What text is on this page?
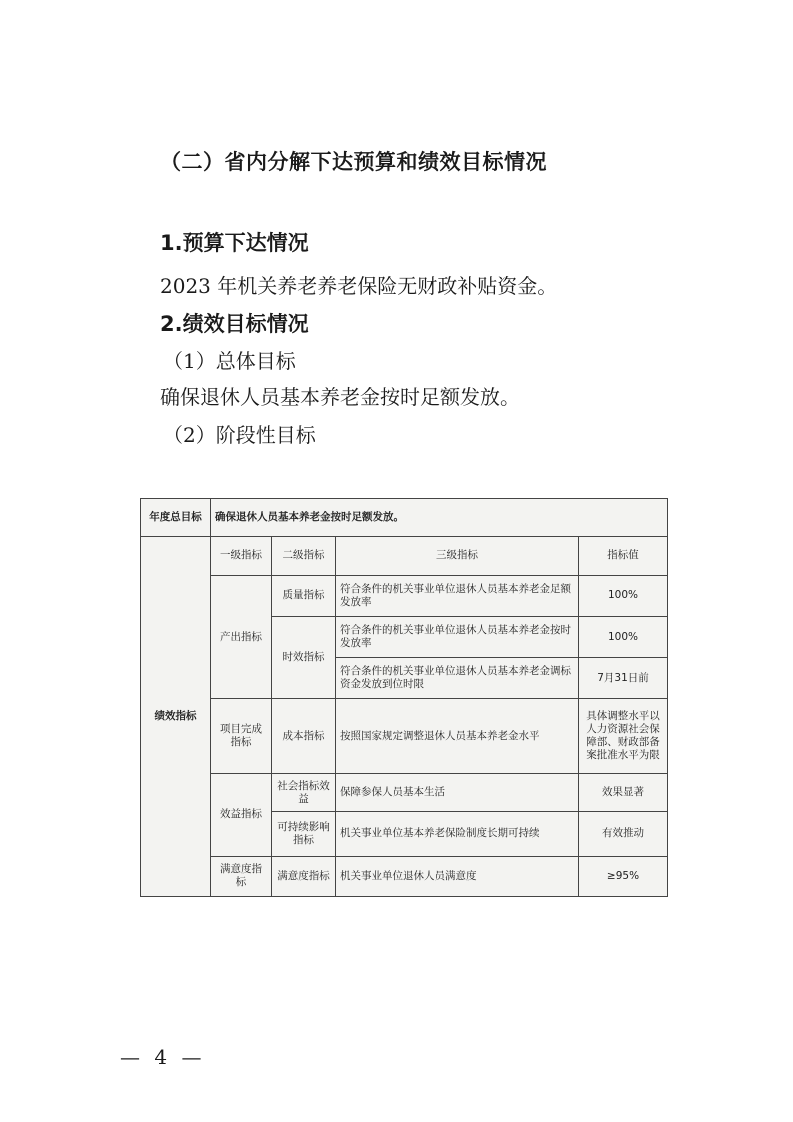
（二）省内分解下达预算和绩效目标情况
1.预算下达情况
2023 年机关养老养老保险无财政补贴资金。
2.绩效目标情况
（1）总体目标
确保退休人员基本养老金按时足额发放。
（2）阶段性目标
年度总目标	确保退休人员基本养老金按时足额发放。			
绩效指标	一级指标	二级指标	三级指标	指标值
	产出指标	质量指标	符合条件的机关事业单位退休人员基本养老金足额发放率	100%
		时效指标	符合条件的机关事业单位退休人员基本养老金按时发放率	100%
			符合条件的机关事业单位退休人员基本养老金调标资金发放到位时限	7月31日前
	项目完成指标	成本指标	按照国家规定调整退休人员基本养老金水平	具体调整水平以人力资源社会保障部、财政部备案批准水平为限
	效益指标	社会指标效益	保障参保人员基本生活	效果显著
		可持续影响指标	机关事业单位基本养老保险制度长期可持续	有效推动
	满意度指标	满意度指标	机关事业单位退休人员满意度	≥95%
— 4 —
